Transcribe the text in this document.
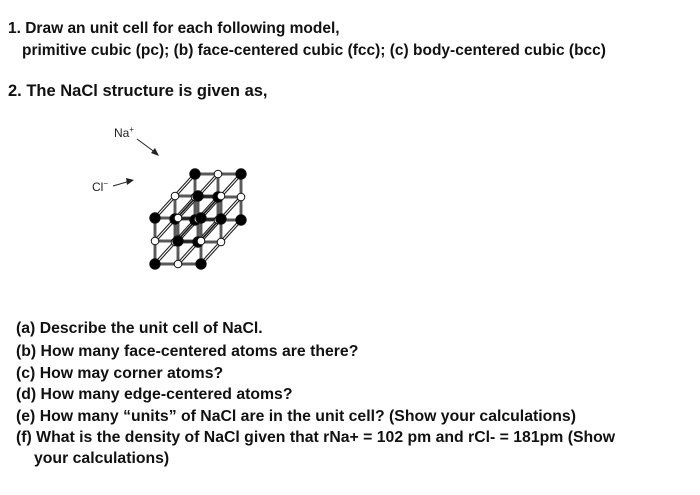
1. Draw an unit cell for each following model,
primitive cubic (pc); (b) face-centered cubic (fcc); (c) body-centered cubic (bcc)
2. The NaCl structure is given as,
Na+
Cl−
(a) Describe the unit cell of NaCl.
(b) How many face-centered atoms are there?
(c) How may corner atoms?
(d) How many edge-centered atoms?
(e) How many “units” of NaCl are in the unit cell? (Show your calculations)
(f) What is the density of NaCl given that rNa+ = 102 pm and rCl- = 181pm (Show
your calculations)
